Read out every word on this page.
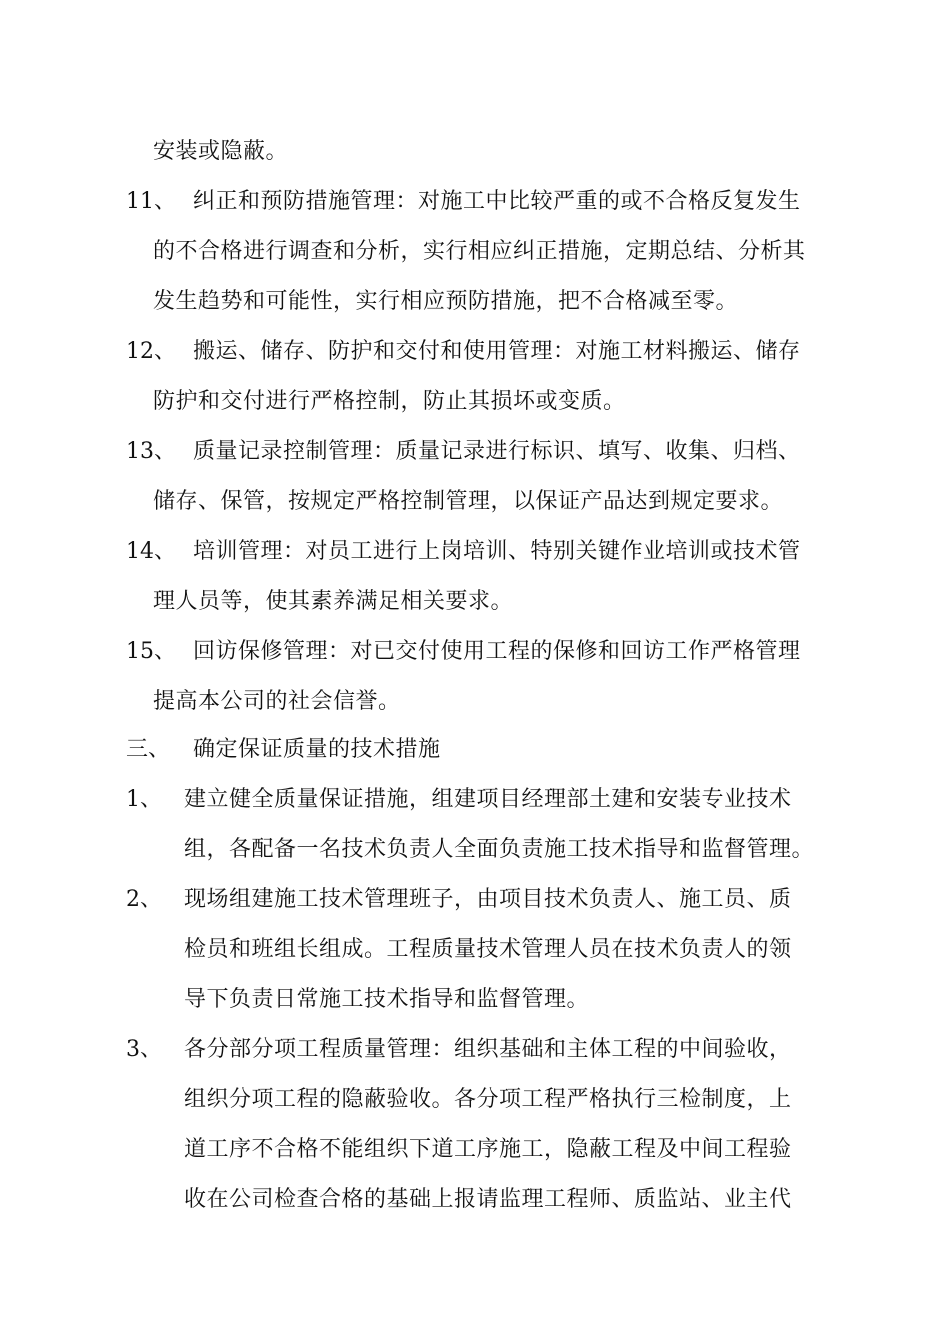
安装或隐蔽。
11、 纠正和预防措施管理：对施工中比较严重的或不合格反复发生
的不合格进行调查和分析，实行相应纠正措施，定期总结、分析其
发生趋势和可能性，实行相应预防措施，把不合格减至零。
12、 搬运、储存、防护和交付和使用管理：对施工材料搬运、储存
防护和交付进行严格控制，防止其损坏或变质。
13、 质量记录控制管理：质量记录进行标识、填写、收集、归档、
储存、保管，按规定严格控制管理，以保证产品达到规定要求。
14、 培训管理：对员工进行上岗培训、特别关键作业培训或技术管
理人员等，使其素养满足相关要求。
15、 回访保修管理：对已交付使用工程的保修和回访工作严格管理
提高本公司的社会信誉。
三、 确定保证质量的技术措施
1、 建立健全质量保证措施，组建项目经理部土建和安装专业技术
组，各配备一名技术负责人全面负责施工技术指导和监督管理。
2、 现场组建施工技术管理班子，由项目技术负责人、施工员、质
检员和班组长组成。工程质量技术管理人员在技术负责人的领
导下负责日常施工技术指导和监督管理。
3、 各分部分项工程质量管理：组织基础和主体工程的中间验收，
组织分项工程的隐蔽验收。各分项工程严格执行三检制度，上
道工序不合格不能组织下道工序施工，隐蔽工程及中间工程验
收在公司检查合格的基础上报请监理工程师、质监站、业主代
